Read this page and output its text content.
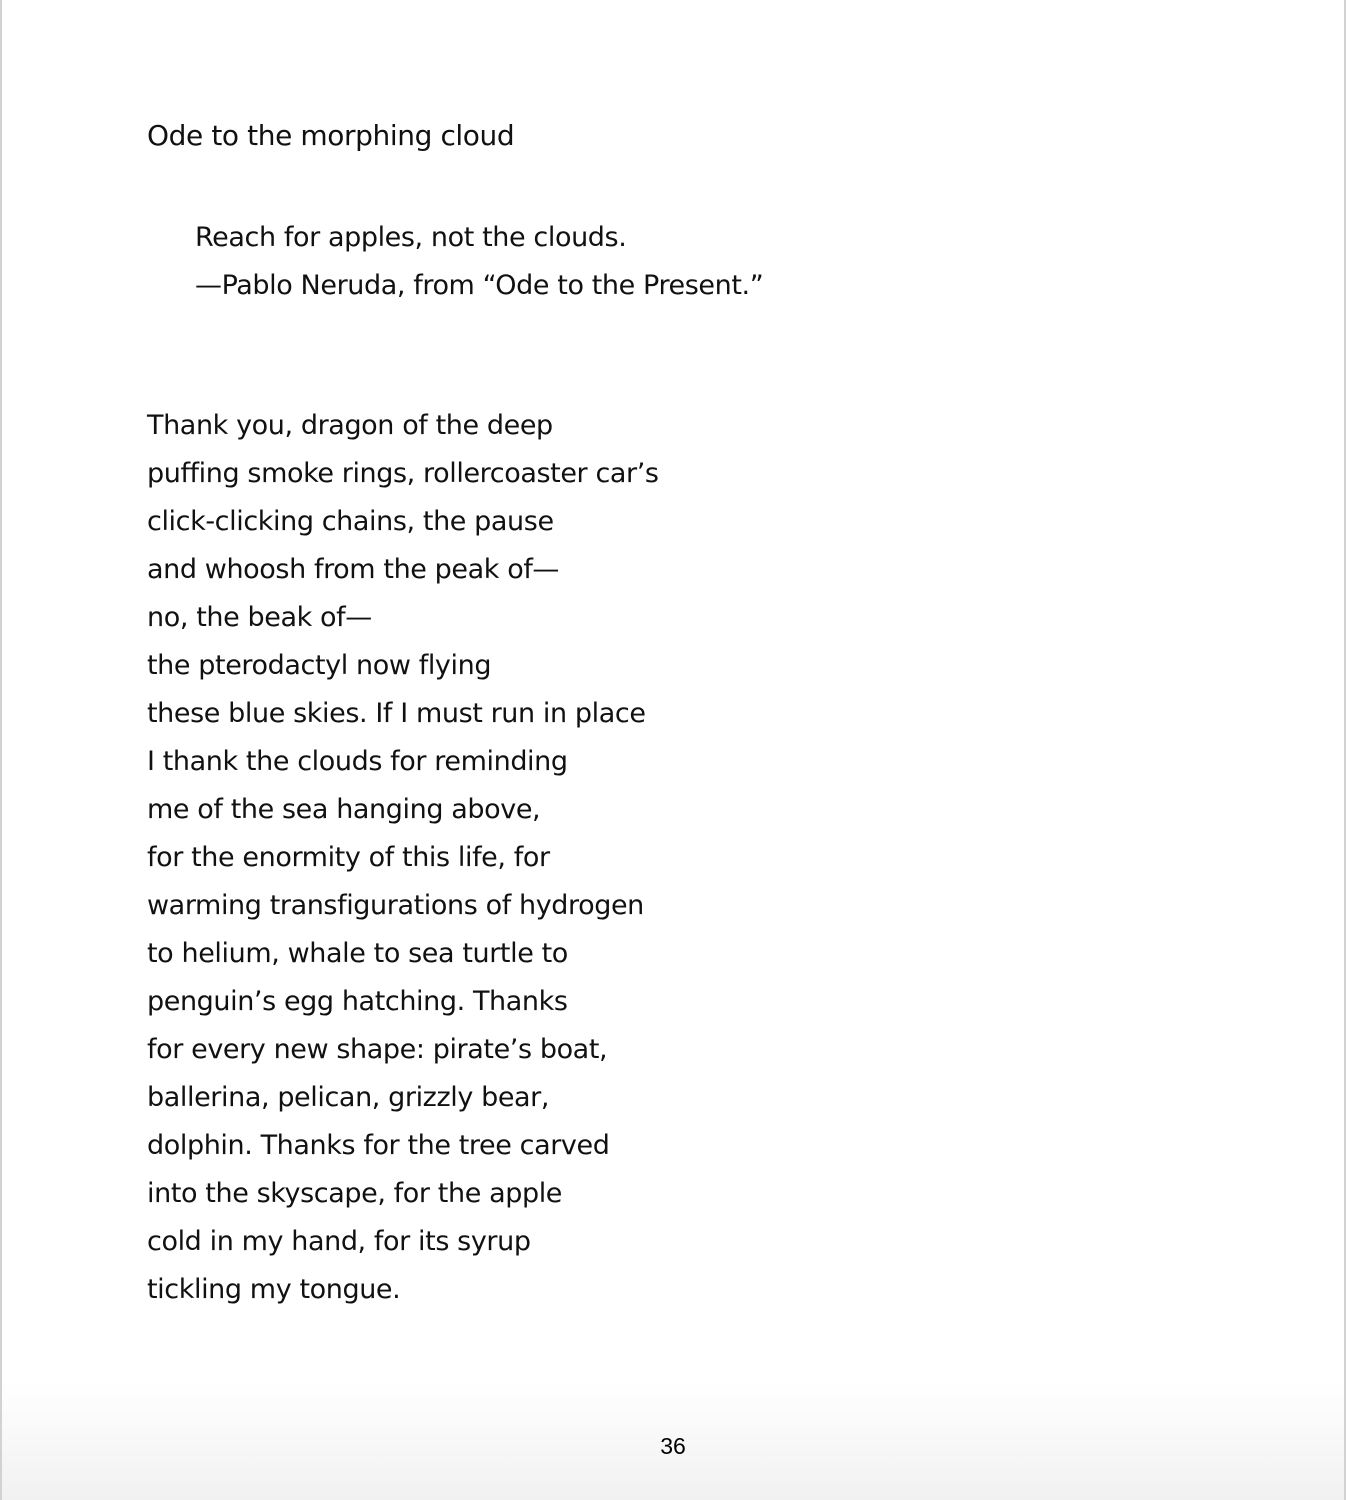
Ode to the morphing cloud
Reach for apples, not the clouds.
—Pablo Neruda, from “Ode to the Present.”
Thank you, dragon of the deep
puffing smoke rings, rollercoaster car’s
click-clicking chains, the pause
and whoosh from the peak of—
no, the beak of—
the pterodactyl now flying
these blue skies. If I must run in place
I thank the clouds for reminding
me of the sea hanging above,
for the enormity of this life, for
warming transfigurations of hydrogen
to helium, whale to sea turtle to
penguin’s egg hatching. Thanks
for every new shape: pirate’s boat,
ballerina, pelican, grizzly bear,
dolphin. Thanks for the tree carved
into the skyscape, for the apple
cold in my hand, for its syrup
tickling my tongue.
36
